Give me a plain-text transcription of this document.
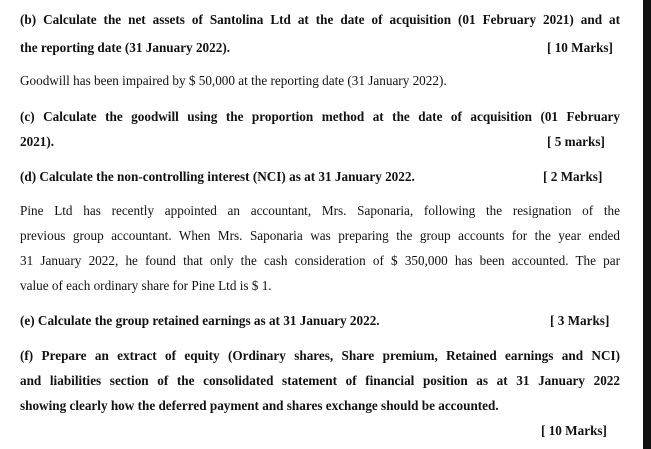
(b) Calculate the net assets of Santolina Ltd at the date of acquisition (01 February 2021) and at
the reporting date (31 January 2022).	[ 10 Marks]
Goodwill has been impaired by $ 50,000 at the reporting date (31 January 2022).
(c) Calculate the goodwill using the proportion method at the date of acquisition (01 February
2021).	[ 5 marks]
(d) Calculate the non-controlling interest (NCI) as at 31 January 2022.	[ 2 Marks]
Pine Ltd has recently appointed an accountant, Mrs. Saponaria, following the resignation of the
previous group accountant. When Mrs. Saponaria was preparing the group accounts for the year ended
31 January 2022, he found that only the cash consideration of $ 350,000 has been accounted. The par
value of each ordinary share for Pine Ltd is $ 1.
(e) Calculate the group retained earnings as at 31 January 2022.	[ 3 Marks]
(f) Prepare an extract of equity (Ordinary shares, Share premium, Retained earnings and NCI)
and liabilities section of the consolidated statement of financial position as at 31 January 2022
showing clearly how the deferred payment and shares exchange should be accounted.
[ 10 Marks]
